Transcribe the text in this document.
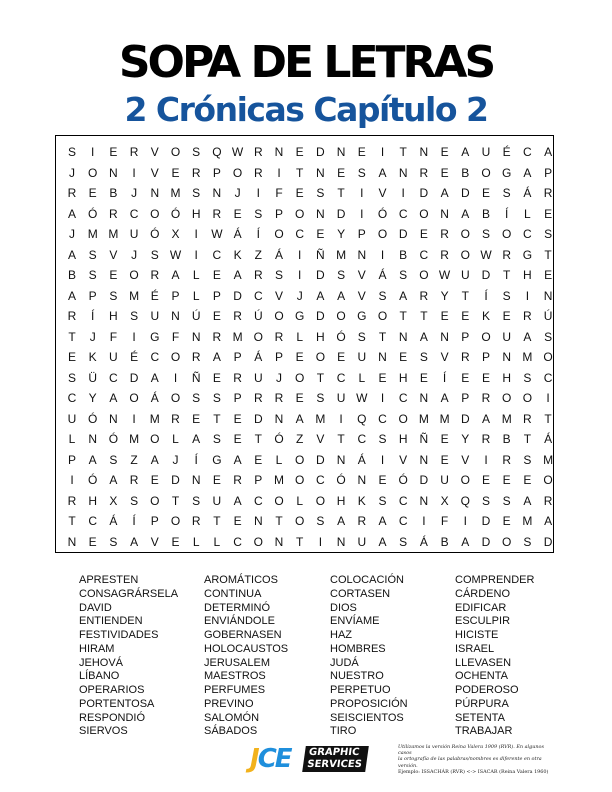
SOPA DE LETRAS
2 Crónicas Capítulo 2
S	I	E	R	V	O	S	Q W R	N	E	D	N	E	I	T	N	E	A	U	É	C	A
J	O N	I	V	E	R	P	O R	I	T	N	E	S	A	N	R	E	B	O G	A	P
R	E	B	J	N M S	N	J	I	F	E	S	T	I	V	I	D	A	D	E	S	Á	R
A	Ó R	C O Ó H	R	E	S	P	O N	D	I	Ó C O N	A	B	Í	L	E
J	M M U Ó	X	I	W Á	Í	O C	E	Y	P	O D	E	R O	S	O C	S
A	S	V	J	S W	I	C	K	Z	Á	I	Ñ M N	I	B	C	R O W R G	T
B	S	E	O R	A	L	E	A	R	S	I	D	S	V	Á	S	O W U	D	T	H	E
A	P	S M É	P	L	P	D	C	V	J	A	A	V	S	A	R	Y	T	Í	S	I	N
R	Í	H	S	U	N	Ú	E	R	Ú O G D O G O	T	T	E	E	K	E	R	Ú
T	J	F	I	G	F	N	R M O R	L	H Ó	S	T	N	A	N	P	O U	A	S
E	K	U	É	C O R	A	P	Á	P	E	O	E	U	N	E	S	V	R	P	N M O
S	Ü	C	D	A	I	Ñ	E	R	U	J	O	T	C	L	E	H	E	Í	E	E	H	S	C
C	Y	A	O	Á	O	S	S	P	R	R	E	S	U W	I	C	N	A	P	R O O	I
U Ó N	I	M R	E	T	E	D	N	A M	I	Q C O M M D	A M R	T
L	N Ó M O	L	A	S	E	T	Ó	Z	V	T	C	S	H	Ñ	E	Y	R	B	T	Á
P	A	S	Z	A	J	Í	G	A	E	L	O D	N	Á	I	V	N	E	V	I	R	S M
I	Ó	A	R	E	D	N	E	R	P M O C Ó N	E	Ó D	U O	E	E	E	O
R	H	X	S	O	T	S	U	A	C O	L	O H	K	S	C	N	X	Q	S	S	A	R
T	C	Á	Í	P	O R	T	E	N	T	O	S	A	R	A	C	I	F	I	D	E M A
N	E	S	A	V	E	L	L	C O N	T	I	N	U	A	S	Á	B	A	D O	S	D
APRESTEN
CONSAGRÁRSELA
DAVID
ENTIENDEN
FESTIVIDADES
HIRAM
JEHOVÁ
LÍBANO
OPERARIOS
PORTENTOSA
RESPONDIÓ
SIERVOS
AROMÁTICOS
CONTINUA
DETERMINÓ
ENVIÁNDOLE
GOBERNASEN
HOLOCAUSTOS
JERUSALEM
MAESTROS
PERFUMES
PREVINO
SALOMÓN
SÁBADOS
COLOCACIÓN
CORTASEN
DIOS
ENVÍAME
HAZ
HOMBRES
JUDÁ
NUESTRO
PERPETUO
PROPOSICIÓN
SEISCIENTOS
TIRO
COMPRENDER
CÁRDENO
EDIFICAR
ESCULPIR
HICISTE
ISRAEL
LLEVASEN
OCHENTA
PODEROSO
PÚRPURA
SETENTA
TRABAJAR
JCE GRAPHIC
SERVICES
Utilizamos la versión Reina Valera 1909 (RVR). En algunos casos
la ortografía de las palabras/nombres es diferente en otra versión.
Ejemplo: ISSACHÁR (RVR) <-> ISACAR (Reina Valera 1960)
